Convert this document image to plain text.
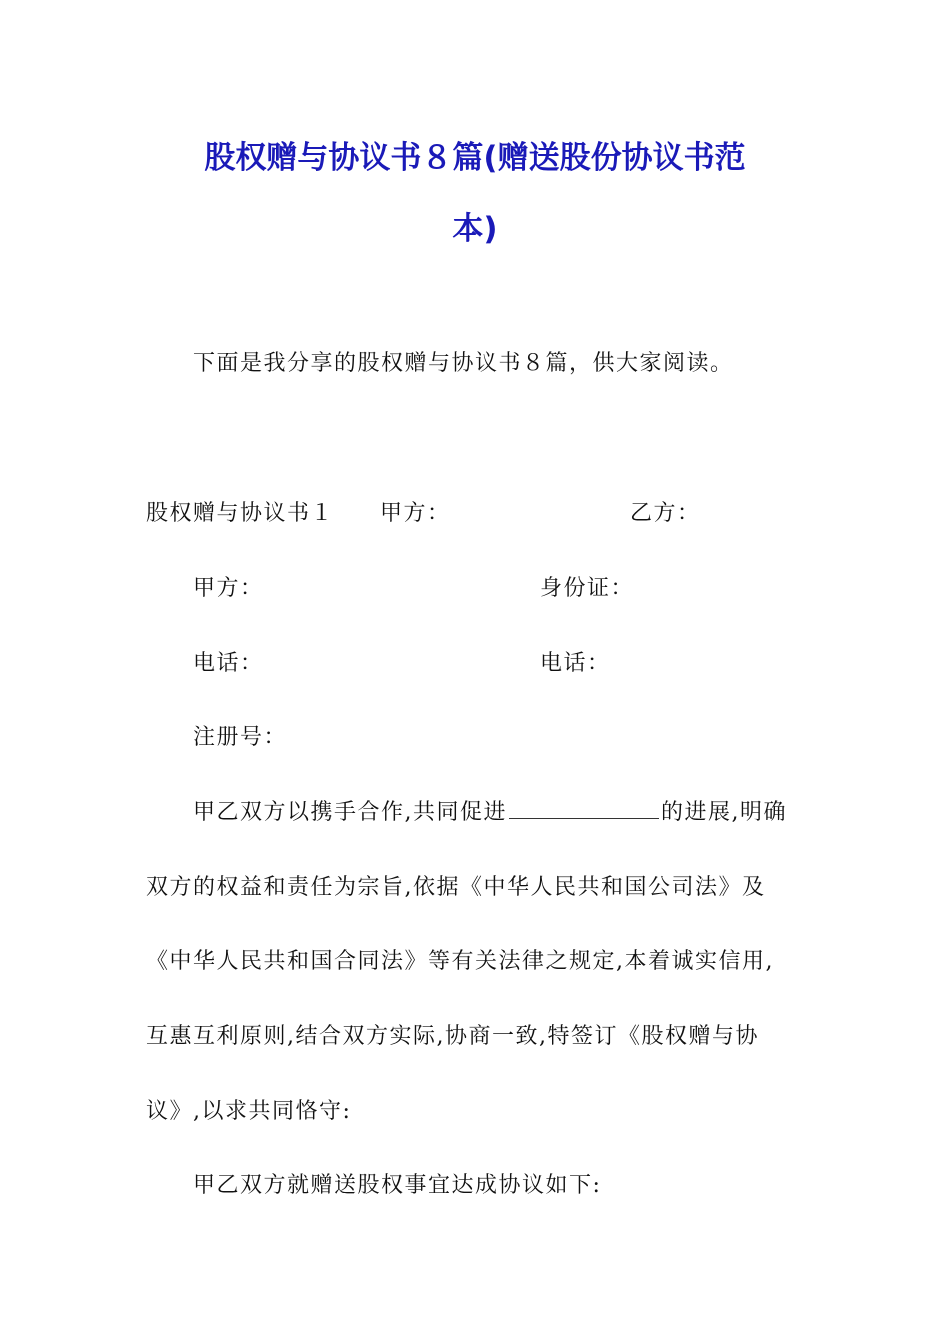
股权赠与协议书８篇(赠送股份协议书范
本)
下面是我分享的股权赠与协议书８篇，供大家阅读。
股权赠与协议书１ 甲方：	乙方：
甲方：	身份证：
电话：	电话：
注册号：
甲乙双方以携手合作,共同促进	的进展,明确
双方的权益和责任为宗旨,依据《中华人民共和国公司法》及
《中华人民共和国合同法》等有关法律之规定,本着诚实信用,
互惠互利原则,结合双方实际,协商一致,特签订《股权赠与协
议》,以求共同恪守:
甲乙双方就赠送股权事宜达成协议如下:
